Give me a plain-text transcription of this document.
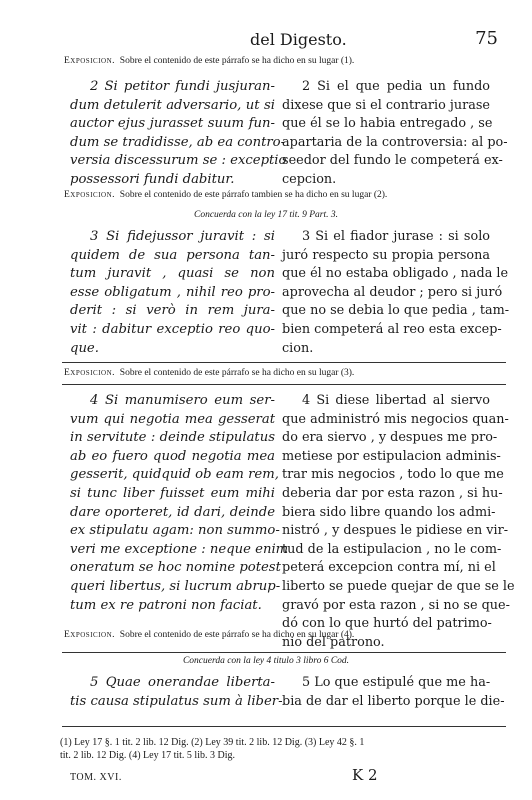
del Digesto.	75
Exposicion. Sobre el contenido de este párrafo se ha dicho en su lugar (1).
2 Si petitor fundi jusjuran-
dum detulerit adversario, ut si
auctor ejus jurasset suum fun-
dum se tradidisse, ab ea contro-
versia discessurum se : exceptio
possessori fundi dabitur.
2 Si el que pedia un fundo
dixese que si el contrario jurase
que él se lo habia entregado , se
apartaria de la controversia: al po-
seedor del fundo le competerá ex-
cepcion.
Exposicion. Sobre el contenido de este párrafo tambien se ha dicho en su lugar (2).
Concuerda con la ley 17 tit. 9 Part. 3.
3 Si fidejussor juravit : si
quidem de sua persona tan-
tum juravit , quasi se non
esse obligatum , nihil reo pro-
derit : si verò in rem jura-
vit : dabitur exceptio reo quo-
que.
3 Si el fiador jurase : si solo
juró respecto su propia persona
que él no estaba obligado , nada le
aprovecha al deudor ; pero si juró
que no se debia lo que pedia , tam-
bien competerá al reo esta excep-
cion.
Exposicion. Sobre el contenido de este párrafo se ha dicho en su lugar (3).
4 Si manumisero eum ser-
vum qui negotia mea gesserat
in servitute : deinde stipulatus
ab eo fuero quod negotia mea
gesserit, quidquid ob eam rem,
si tunc liber fuisset eum mihi
dare oporteret, id dari, deinde
ex stipulatu agam: non summo-
veri me exceptione : neque enim
oneratum se hoc nomine potest
queri libertus, si lucrum abrup-
tum ex re patroni non faciat.
4 Si diese libertad al siervo
que administró mis negocios quan-
do era siervo , y despues me pro-
metiese por estipulacion adminis-
trar mis negocios , todo lo que me
deberia dar por esta razon , si hu-
biera sido libre quando los admi-
nistró , y despues le pidiese en vir-
tud de la estipulacion , no le com-
peterá excepcion contra mí, ni el
liberto se puede quejar de que se le
gravó por esta razon , si no se que-
dó con lo que hurtó del patrimo-
nio del patrono.
Exposicion. Sobre el contenido de este párrafo se ha dicho en su lugar (4).
Concuerda con la ley 4 titulo 3 libro 6 Cod.
5 Quae onerandae liberta-
tis causa stipulatus sum à liber-
5 Lo que estipulé que me ha-
bia de dar el liberto porque le die-
(1) Ley 17 §. 1 tit. 2 lib. 12 Dig. (2) Ley 39 tit. 2 lib. 12 Dig. (3) Ley 42 §. 1
tit. 2 lib. 12 Dig. (4) Ley 17 tit. 5 lib. 3 Dig.
TOM. XVI.	K 2
